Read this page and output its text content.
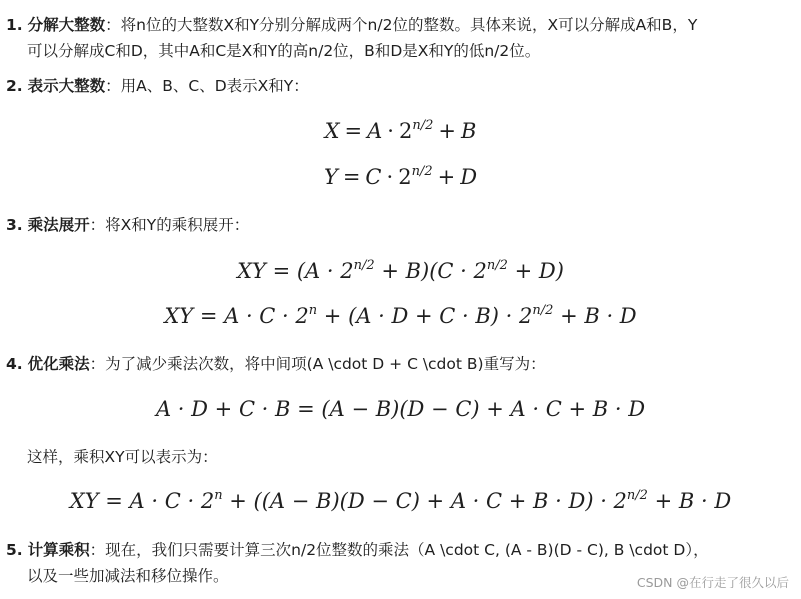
1. 分解大整数：将n位的大整数X和Y分别分解成两个n/2位的整数。具体来说，X可以分解成A和B，Y
可以分解成C和D，其中A和C是X和Y的高n/2位，B和D是X和Y的低n/2位。
2. 表示大整数：用A、B、C、D表示X和Y：
$X = A \cdot 2^{n/2} + B$
$Y = C \cdot 2^{n/2} + D$
3. 乘法展开：将X和Y的乘积展开：
XY = $(A \cdot 2^{n/2} + B)(C \cdot 2^{n/2} + D)$
XY = $A \cdot C \cdot 2^n + (A \cdot D + C \cdot B) \cdot 2^{n/2} + B \cdot D$
4. 优化乘法：为了减少乘法次数，将中间项(A \cdot D + C \cdot B)重写为：
A · D + C · B = (A − B)(D − C) + A · C + B · D
这样，乘积XY可以表示为：
XY = $A \cdot C \cdot 2^n + ((A - B)(D - C) + A \cdot C + B \cdot D) \cdot 2^{n/2} + B \cdot D$
5. 计算乘积：现在，我们只需要计算三次n/2位整数的乘法（A \cdot C, (A - B)(D - C), B \cdot D），
以及一些加减法和移位操作。	CSDN @在行走了很久以后
